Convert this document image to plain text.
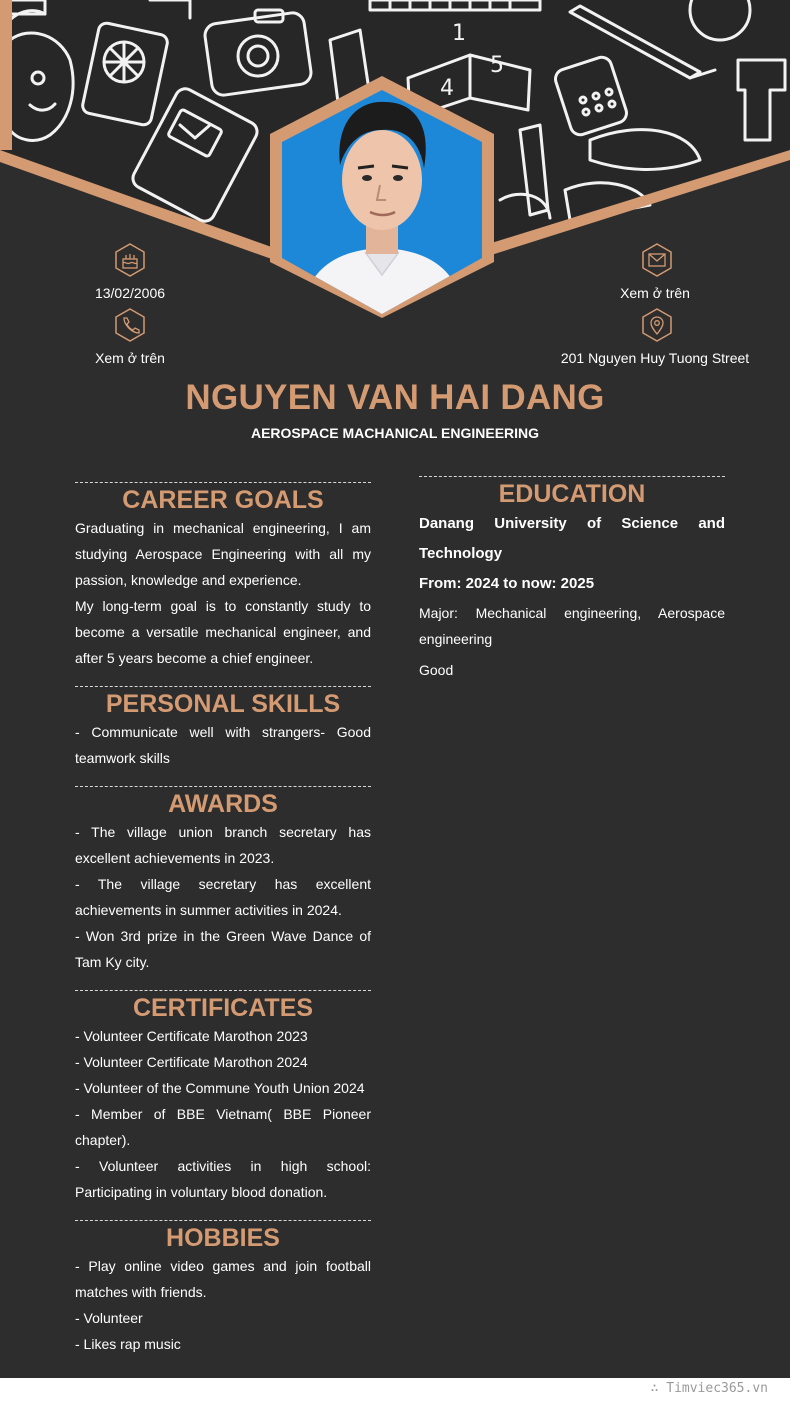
4
5
1
13/02/2006
Xem ở trên
Xem ở trên
201 Nguyen Huy Tuong Street
NGUYEN VAN HAI DANG
AEROSPACE MACHANICAL ENGINEERING
CAREER GOALS

Graduating in mechanical engineering, I am studying Aerospace Engineering with all my passion, knowledge and experience.

My long-term goal is to constantly study to become a versatile mechanical engineer, and after 5 years become a chief engineer.

PERSONAL SKILLS

- Communicate well with strangers- Good teamwork skills

AWARDS

- The village union branch secretary has excellent achievements in 2023.

- The village secretary has excellent achievements in summer activities in 2024.

- Won 3rd prize in the Green Wave Dance of Tam Ky city.

CERTIFICATES

- Volunteer Certificate Marothon 2023

- Volunteer Certificate Marothon 2024

- Volunteer of the Commune Youth Union 2024

- Member of BBE Vietnam( BBE Pioneer chapter).

- Volunteer activities in high school: Participating in voluntary blood donation.

HOBBIES

- Play online video games and join football matches with friends.

- Volunteer

- Likes rap music

EDUCATION

Danang University of Science and Technology

From: 2024 to now: 2025

Major: Mechanical engineering, Aerospace engineering

Good

∴ Timviec365.vn
